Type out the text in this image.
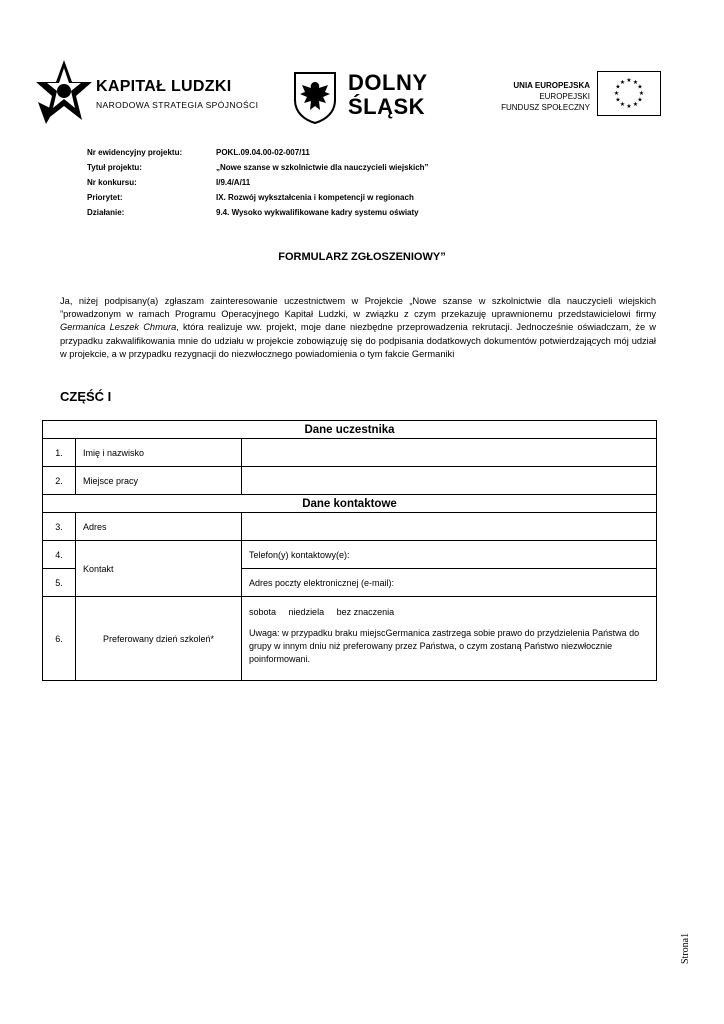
KAPITAŁ LUDZKI
NARODOWA STRATEGIA SPÓJNOŚCI
DOLNY
ŚLĄSK
UNIA EUROPEJSKA
EUROPEJSKI
FUNDUSZ SPOŁECZNY
★ ★
★
★
★
★
★
★
★
★
★
★
Nr ewidencyjny projektu:	POKL.09.04.00-02-007/11
Tytuł projektu:	„Nowe szanse w szkolnictwie dla nauczycieli wiejskich”
Nr konkursu:	I/9.4/A/11
Priorytet:	IX. Rozwój wykształcenia i kompetencji w regionach
Działanie:	9.4. Wysoko wykwalifikowane kadry systemu oświaty
FORMULARZ ZGŁOSZENIOWY”
Ja, niżej podpisany(a) zgłaszam zainteresowanie uczestnictwem w Projekcie „Nowe szanse w szkolnictwie dla nauczycieli wiejskich ”prowadzonym w ramach Programu Operacyjnego Kapitał Ludzki, w związku z czym przekazuję uprawnionemu przedstawicielowi firmy Germanica Leszek Chmura, która realizuje ww. projekt, moje dane niezbędne przeprowadzenia rekrutacji. Jednocześnie oświadczam, że w przypadku zakwalifikowania mnie do udziału w projekcie zobowiązuję się do podpisania dodatkowych dokumentów potwierdzających mój udział w projekcie, a w przypadku rezygnacji do niezwłocznego powiadomienia o tym fakcie Germaniki
CZĘŚĆ I
Dane uczestnika		
1.	Imię i nazwisko	
2.	Miejsce pracy	
Dane kontaktowe		
3.	Adres	
4.	Kontakt	Telefon(y) kontaktowy(e):
5.		Adres poczty elektronicznej (e-mail):
6.	Preferowany dzień szkoleń*	sobota niedziela bez znaczenia
Uwaga: w przypadku braku miejscGermanica zastrzega sobie prawo do przydzielenia Państwa do grupy w innym dniu niż preferowany przez Państwa, o czym zostaną Państwo niezwłocznie poinformowani.
Strona1
